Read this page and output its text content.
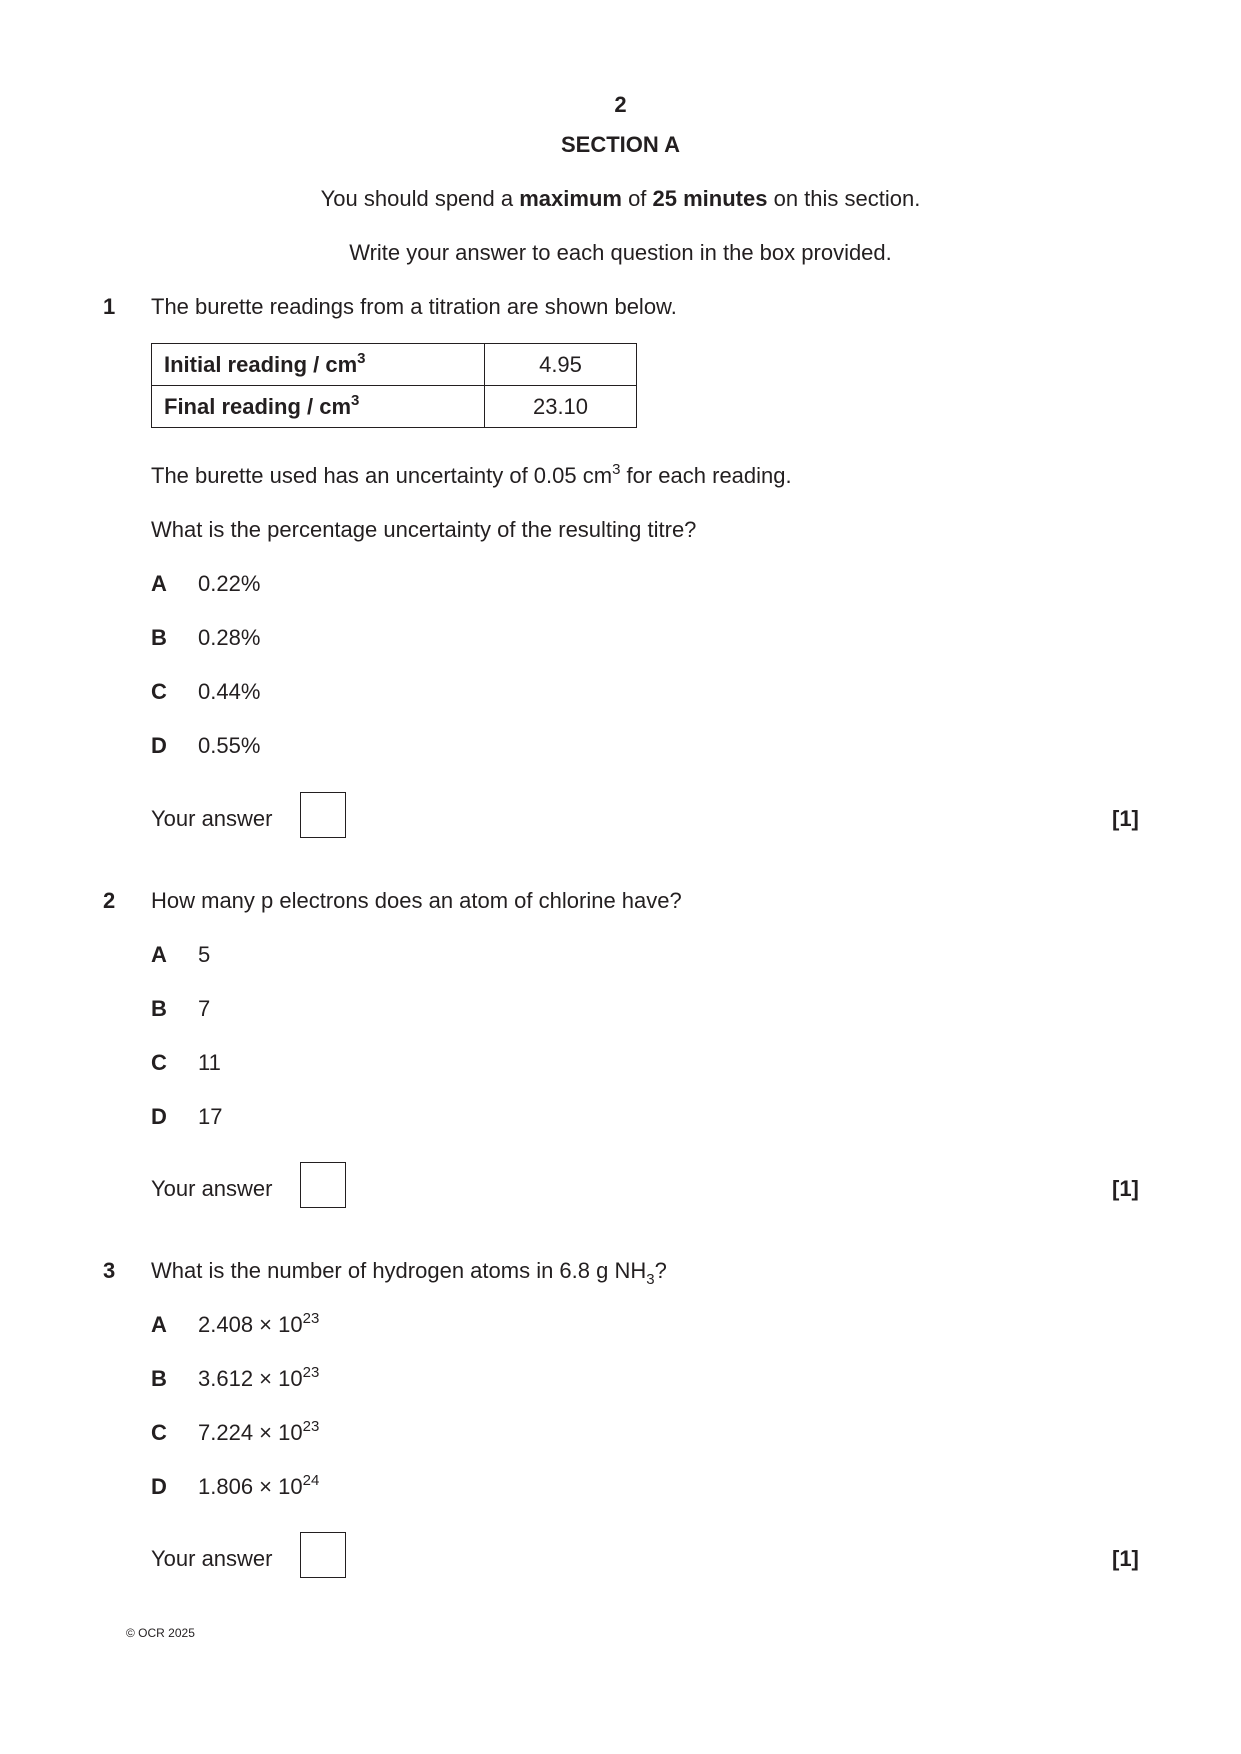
2
SECTION A
You should spend a maximum of 25 minutes on this section.
Write your answer to each question in the box provided.
1 The burette readings from a titration are shown below.
Initial reading / $cm^3$	4.95
Final reading / $cm^3$	23.10
The burette used has an uncertainty of 0.05 $cm^3$ for each reading.
What is the percentage uncertainty of the resulting titre?
A 0.22%
B 0.28%
C 0.44%
D 0.55%
Your answer	[1]
2 How many p electrons does an atom of chlorine have?
A 5
B 7
C 11
D 17
Your answer	[1]
3 What is the number of hydrogen atoms in 6.8 g $NH_3$?
A $2.408 \times 10^{23}$
B $3.612 \times 10^{23}$
C $7.224 \times 10^{23}$
D $1.806 \times 10^{24}$
Your answer	[1]
© OCR 2025
